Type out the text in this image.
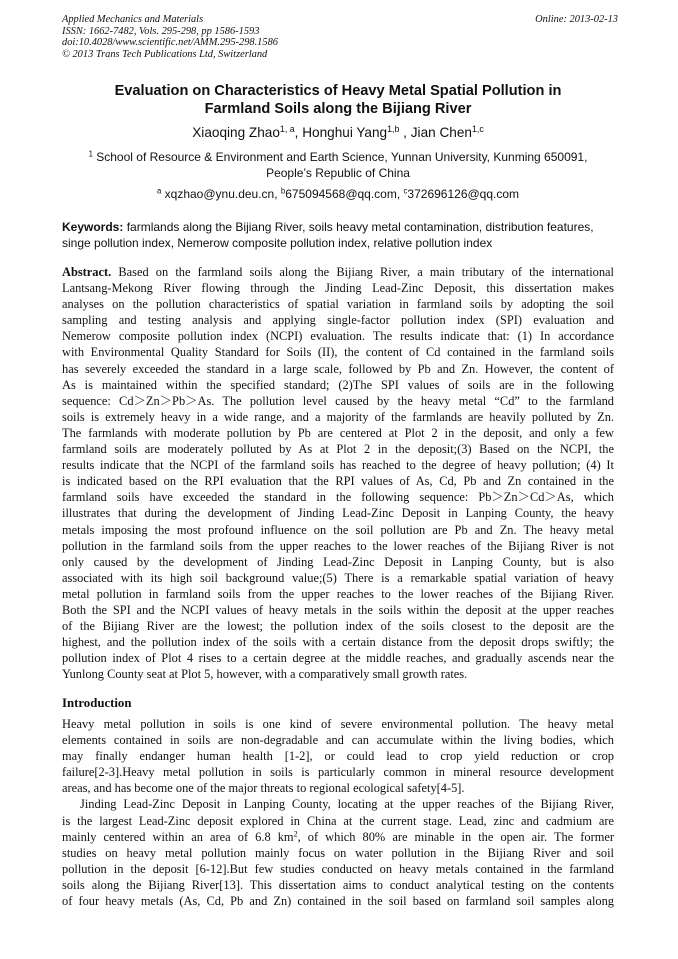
Applied Mechanics and Materials
ISSN: 1662-7482, Vols. 295-298, pp 1586-1593
doi:10.4028/www.scientific.net/AMM.295-298.1586
© 2013 Trans Tech Publications Ltd, Switzerland
Online: 2013-02-13
Evaluation on Characteristics of Heavy Metal Spatial Pollution in
Farmland Soils along the Bijiang River
Xiaoqing Zhao$^{1, a}$, Honghui Yang$^{1,b}$ , Jian Chen$^{1,c}$
$^1$ School of Resource & Environment and Earth Science, Yunnan University, Kunming 650091,
People’s Republic of China
$^a$ xqzhao@ynu.deu.cn, $^b$675094568@qq.com, $^c$372696126@qq.com
Keywords: farmlands along the Bijiang River, soils heavy metal contamination, distribution features,
singe pollution index, Nemerow composite pollution index, relative pollution index
Abstract. Based on the farmland soils along the Bijiang River, a main tributary of the international
Lantsang-Mekong River flowing through the Jinding Lead-Zinc Deposit, this dissertation makes
analyses on the pollution characteristics of spatial variation in farmland soils by adopting the soil
sampling and testing analysis and applying single-factor pollution index (SPI) evaluation and
Nemerow composite pollution index (NCPI) evaluation. The results indicate that: (1) In accordance
with Environmental Quality Standard for Soils (II), the content of Cd contained in the farmland soils
has severely exceeded the standard in a large scale, followed by Pb and Zn. However, the content of
As is maintained within the specified standard; (2)The SPI values of soils are in the following
sequence: Cd＞Zn＞Pb＞As. The pollution level caused by the heavy metal “Cd” to the farmland
soils is extremely heavy in a wide range, and a majority of the farmlands are heavily polluted by Zn.
The farmlands with moderate pollution by Pb are centered at Plot 2 in the deposit, and only a few
farmland soils are moderately polluted by As at Plot 2 in the deposit;(3) Based on the NCPI, the
results indicate that the NCPI of the farmland soils has reached to the degree of heavy pollution; (4) It
is indicated based on the RPI evaluation that the RPI values of As, Cd, Pb and Zn contained in the
farmland soils have exceeded the standard in the following sequence: Pb＞Zn＞Cd＞As, which
illustrates that during the development of Jinding Lead-Zinc Deposit in Lanping County, the heavy
metals imposing the most profound influence on the soil pollution are Pb and Zn. The heavy metal
pollution in the farmland soils from the upper reaches to the lower reaches of the Bijiang River is not
only caused by the development of Jinding Lead-Zinc Deposit in Lanping County, but is also
associated with its high soil background value;(5) There is a remarkable spatial variation of heavy
metal pollution in farmland soils from the upper reaches to the lower reaches of the Bijiang River.
Both the SPI and the NCPI values of heavy metals in the soils within the deposit at the upper reaches
of the Bijiang River are the lowest; the pollution index of the soils closest to the deposit are the
highest, and the pollution index of the soils with a certain distance from the deposit drops swiftly; the
pollution index of Plot 4 rises to a certain degree at the middle reaches, and gradually ascends near the
Yunlong County seat at Plot 5, however, with a comparatively small growth rates.
Introduction
Heavy metal pollution in soils is one kind of severe environmental pollution. The heavy metal
elements contained in soils are non-degradable and can accumulate within the living bodies, which
may finally endanger human health [1-2], or could lead to crop yield reduction or crop
failure[2-3].Heavy metal pollution in soils is particularly common in mineral resource development
areas, and has become one of the major threats to regional ecological safety[4-5].
Jinding Lead-Zinc Deposit in Lanping County, locating at the upper reaches of the Bijiang River,
is the largest Lead-Zinc deposit explored in China at the current stage. Lead, zinc and cadmium are
mainly centered within an area of 6.8 $km^2$, of which 80% are minable in the open air. The former
studies on heavy metal pollution mainly focus on water pollution in the Bijiang River and soil
pollution in the deposit [6-12].But few studies conducted on heavy metals contained in the farmland
soils along the Bijiang River[13]. This dissertation aims to conduct analytical testing on the contents
of four heavy metals (As, Cd, Pb and Zn) contained in the soil based on farmland soil samples along
